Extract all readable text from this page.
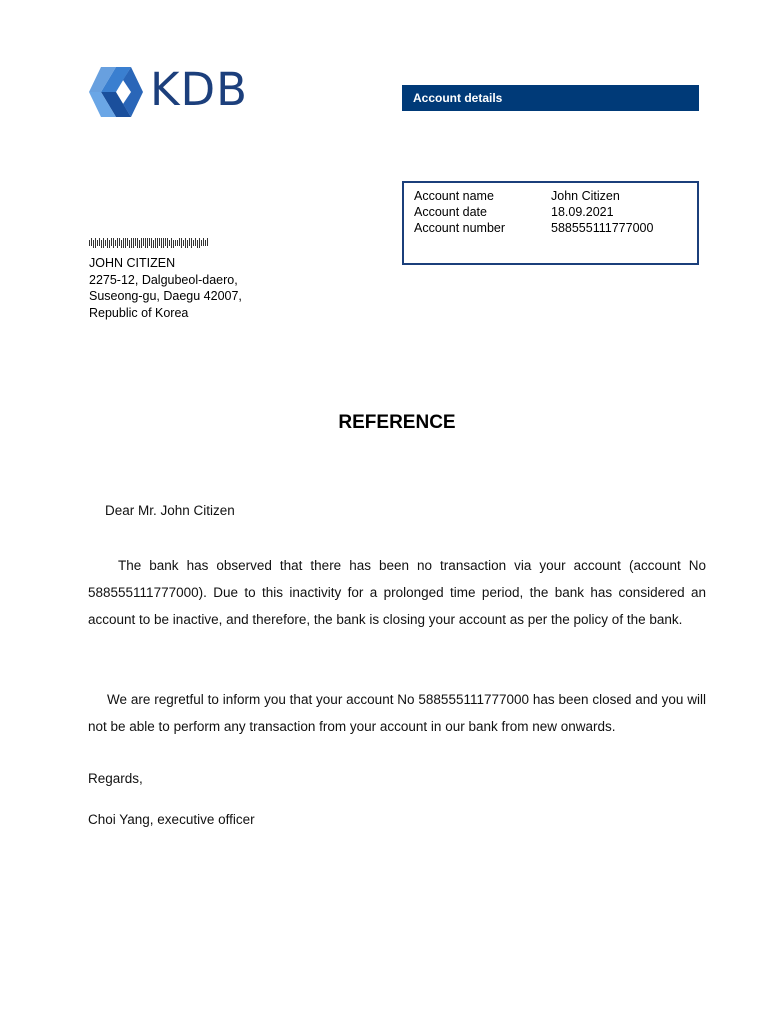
KDB	Account details
Account name	John Citizen
Account date	18.09.2021
Account number	588555111777000
JOHN CITIZEN
2275-12, Dalgubeol-daero,
Suseong-gu, Daegu 42007,
Republic of Korea
REFERENCE
Dear Mr. John Citizen
The bank has observed that there has been no transaction via your account (account No 588555111777000). Due to this inactivity for a prolonged time period, the bank has considered an account to be inactive, and therefore, the bank is closing your account as per the policy of the bank.
We are regretful to inform you that your account No 588555111777000 has been closed and you will not be able to perform any transaction from your account in our bank from new onwards.
Regards,
Choi Yang, executive officer
